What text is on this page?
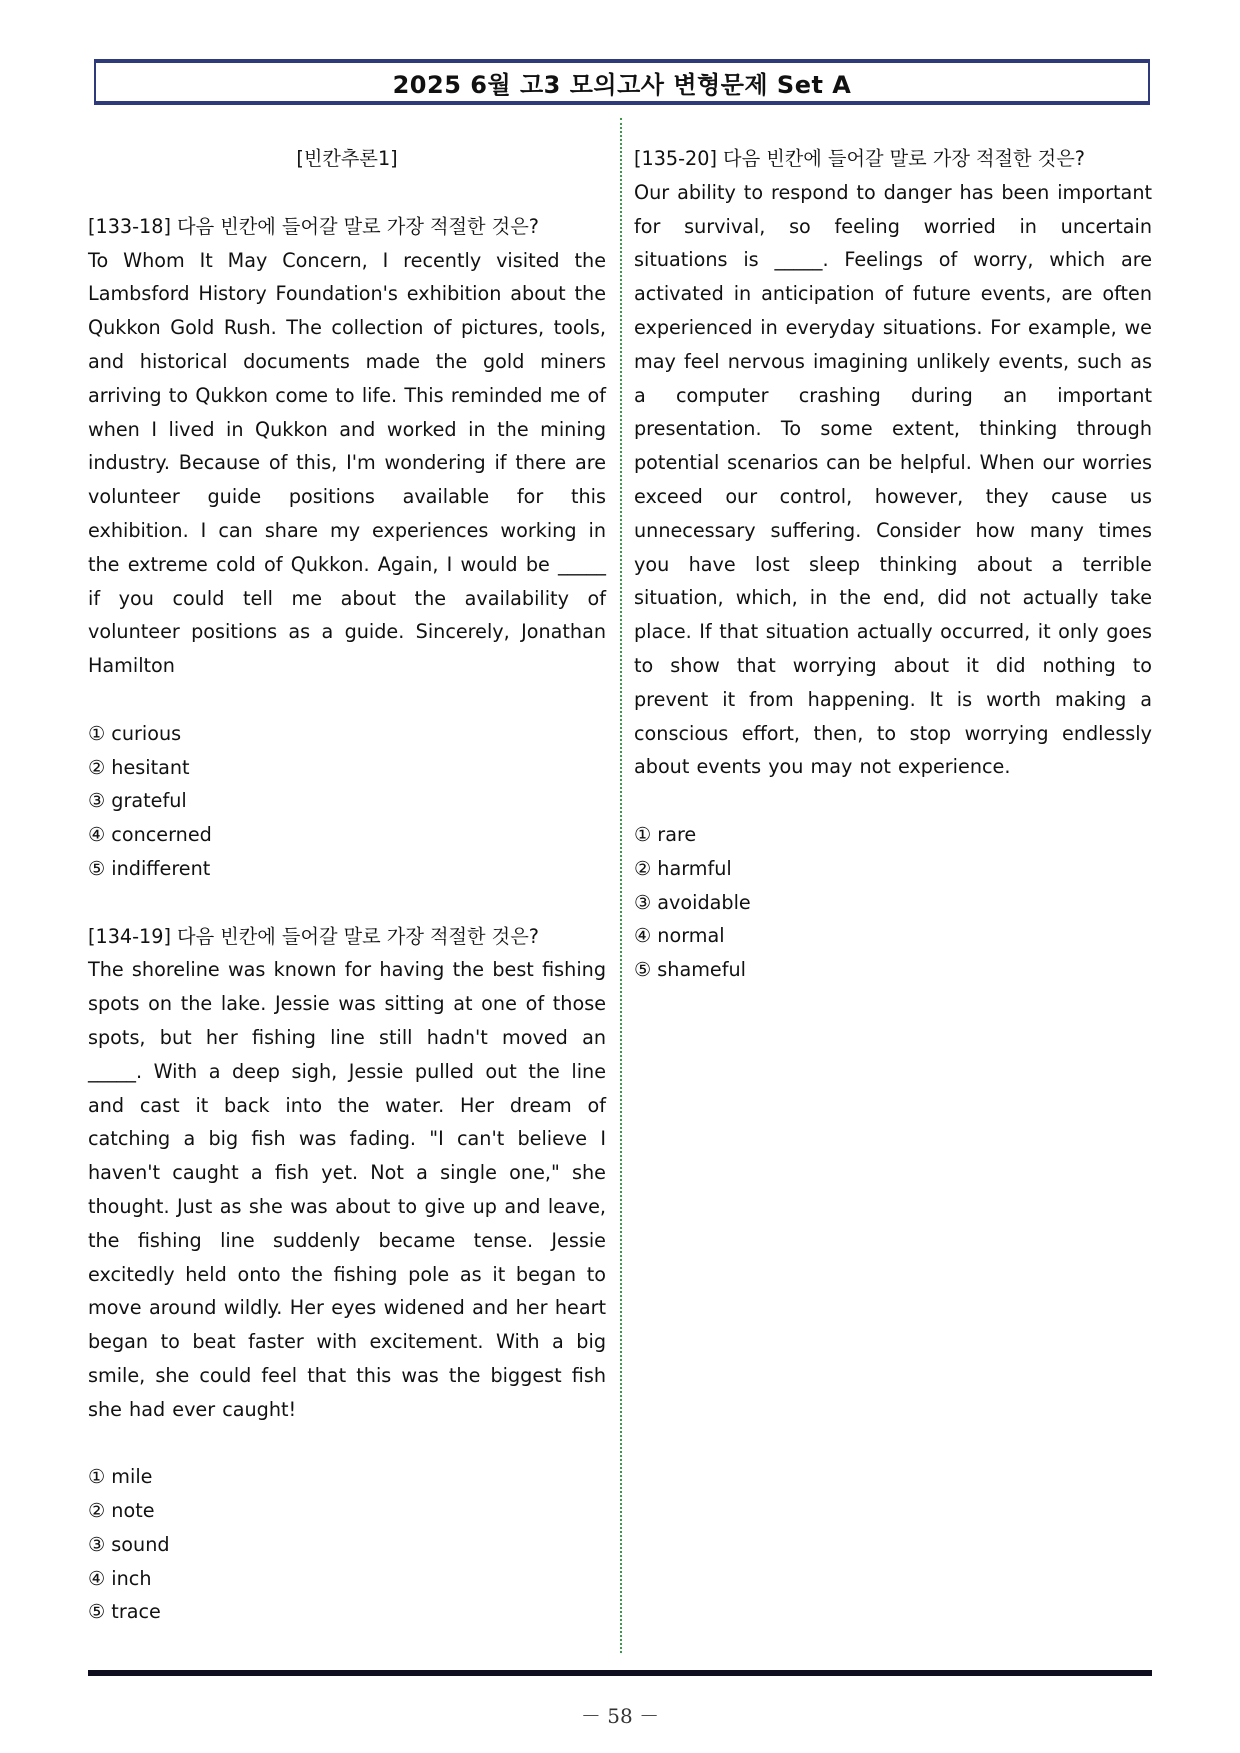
2025 6월 고3 모의고사 변형문제 Set A

[빈칸추론1]

[133-18] 다음 빈칸에 들어갈 말로 가장 적절한 것은?

To Whom It May Concern, I recently visited the Lambsford History Foundation's exhibition about the Qukkon Gold Rush. The collection of pictures, tools, and historical documents made the gold miners arriving to Qukkon come to life. This reminded me of when I lived in Qukkon and worked in the mining industry. Because of this, I'm wondering if there are volunteer guide positions available for this exhibition. I can share my experiences working in the extreme cold of Qukkon. Again, I would be _____ if you could tell me about the availability of volunteer positions as a guide. Sincerely, Jonathan Hamilton

① curious
② hesitant
③ grateful
④ concerned
⑤ indifferent

[134-19] 다음 빈칸에 들어갈 말로 가장 적절한 것은?

The shoreline was known for having the best fishing spots on the lake. Jessie was sitting at one of those spots, but her fishing line still hadn't moved an _____. With a deep sigh, Jessie pulled out the line and cast it back into the water. Her dream of catching a big fish was fading. "I can't believe I haven't caught a fish yet. Not a single one," she thought. Just as she was about to give up and leave, the fishing line suddenly became tense. Jessie excitedly held onto the fishing pole as it began to move around wildly. Her eyes widened and her heart began to beat faster with excitement. With a big smile, she could feel that this was the biggest fish she had ever caught!

① mile
② note
③ sound
④ inch
⑤ trace

[135-20] 다음 빈칸에 들어갈 말로 가장 적절한 것은?

Our ability to respond to danger has been important for survival, so feeling worried in uncertain situations is _____. Feelings of worry, which are activated in anticipation of future events, are often experienced in everyday situations. For example, we may feel nervous imagining unlikely events, such as a computer crashing during an important presentation. To some extent, thinking through potential scenarios can be helpful. When our worries exceed our control, however, they cause us unnecessary suffering. Consider how many times you have lost sleep thinking about a terrible situation, which, in the end, did not actually take place. If that situation actually occurred, it only goes to show that worrying about it did nothing to prevent it from happening. It is worth making a conscious effort, then, to stop worrying endlessly about events you may not experience.

① rare
② harmful
③ avoidable
④ normal
⑤ shameful
－ 58 －
